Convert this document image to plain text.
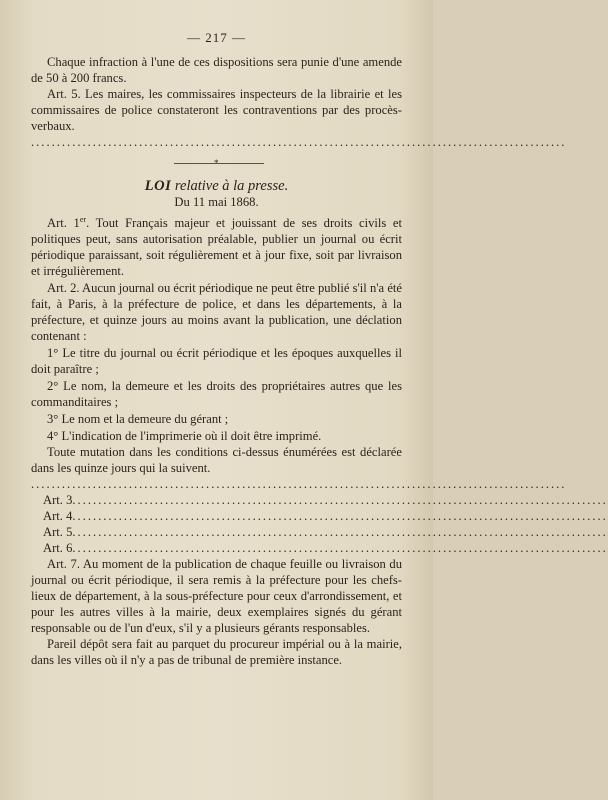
— 217 —

Chaque infraction à l'une de ces dispositions sera punie d'une amende de 50 à 200 francs.

Art. 5. Les maires, les commissaires inspecteurs de la librairie et les commissaires de police constateront les contraventions par des procès-verbaux.

........................................................................................................
*
LOI relative à la presse.
Du 11 mai 1868.

Art. 1er. Tout Français majeur et jouissant de ses droits civils et politiques peut, sans autorisation préalable, publier un journal ou écrit périodique paraissant, soit régulièrement et à jour fixe, soit par livraison et irrégulièrement.

Art. 2. Aucun journal ou écrit périodique ne peut être publié s'il n'a été fait, à Paris, à la préfecture de police, et dans les départements, à la préfecture, et quinze jours au moins avant la publication, une déclation contenant :

1° Le titre du journal ou écrit périodique et les époques auxquelles il doit paraître ;

2° Le nom, la demeure et les droits des propriétaires autres que les commanditaires ;

3° Le nom et la demeure du gérant ;

4° L'indication de l'imprimerie où il doit être imprimé.

Toute mutation dans les conditions ci-dessus énumérées est déclarée dans les quinze jours qui la suivent.

........................................................................................................
Art. 3 ........................................................................................................
Art. 4 ........................................................................................................
Art. 5 ........................................................................................................
Art. 6 ........................................................................................................

Art. 7. Au moment de la publication de chaque feuille ou livraison du journal ou écrit périodique, il sera remis à la préfecture pour les chefs-lieux de département, à la sous-préfecture pour ceux d'arrondissement, et pour les autres villes à la mairie, deux exemplaires signés du gérant responsable ou de l'un d'eux, s'il y a plusieurs gérants responsables.

Pareil dépôt sera fait au parquet du procureur impérial ou à la mairie, dans les villes où il n'y a pas de tribunal de première instance.
